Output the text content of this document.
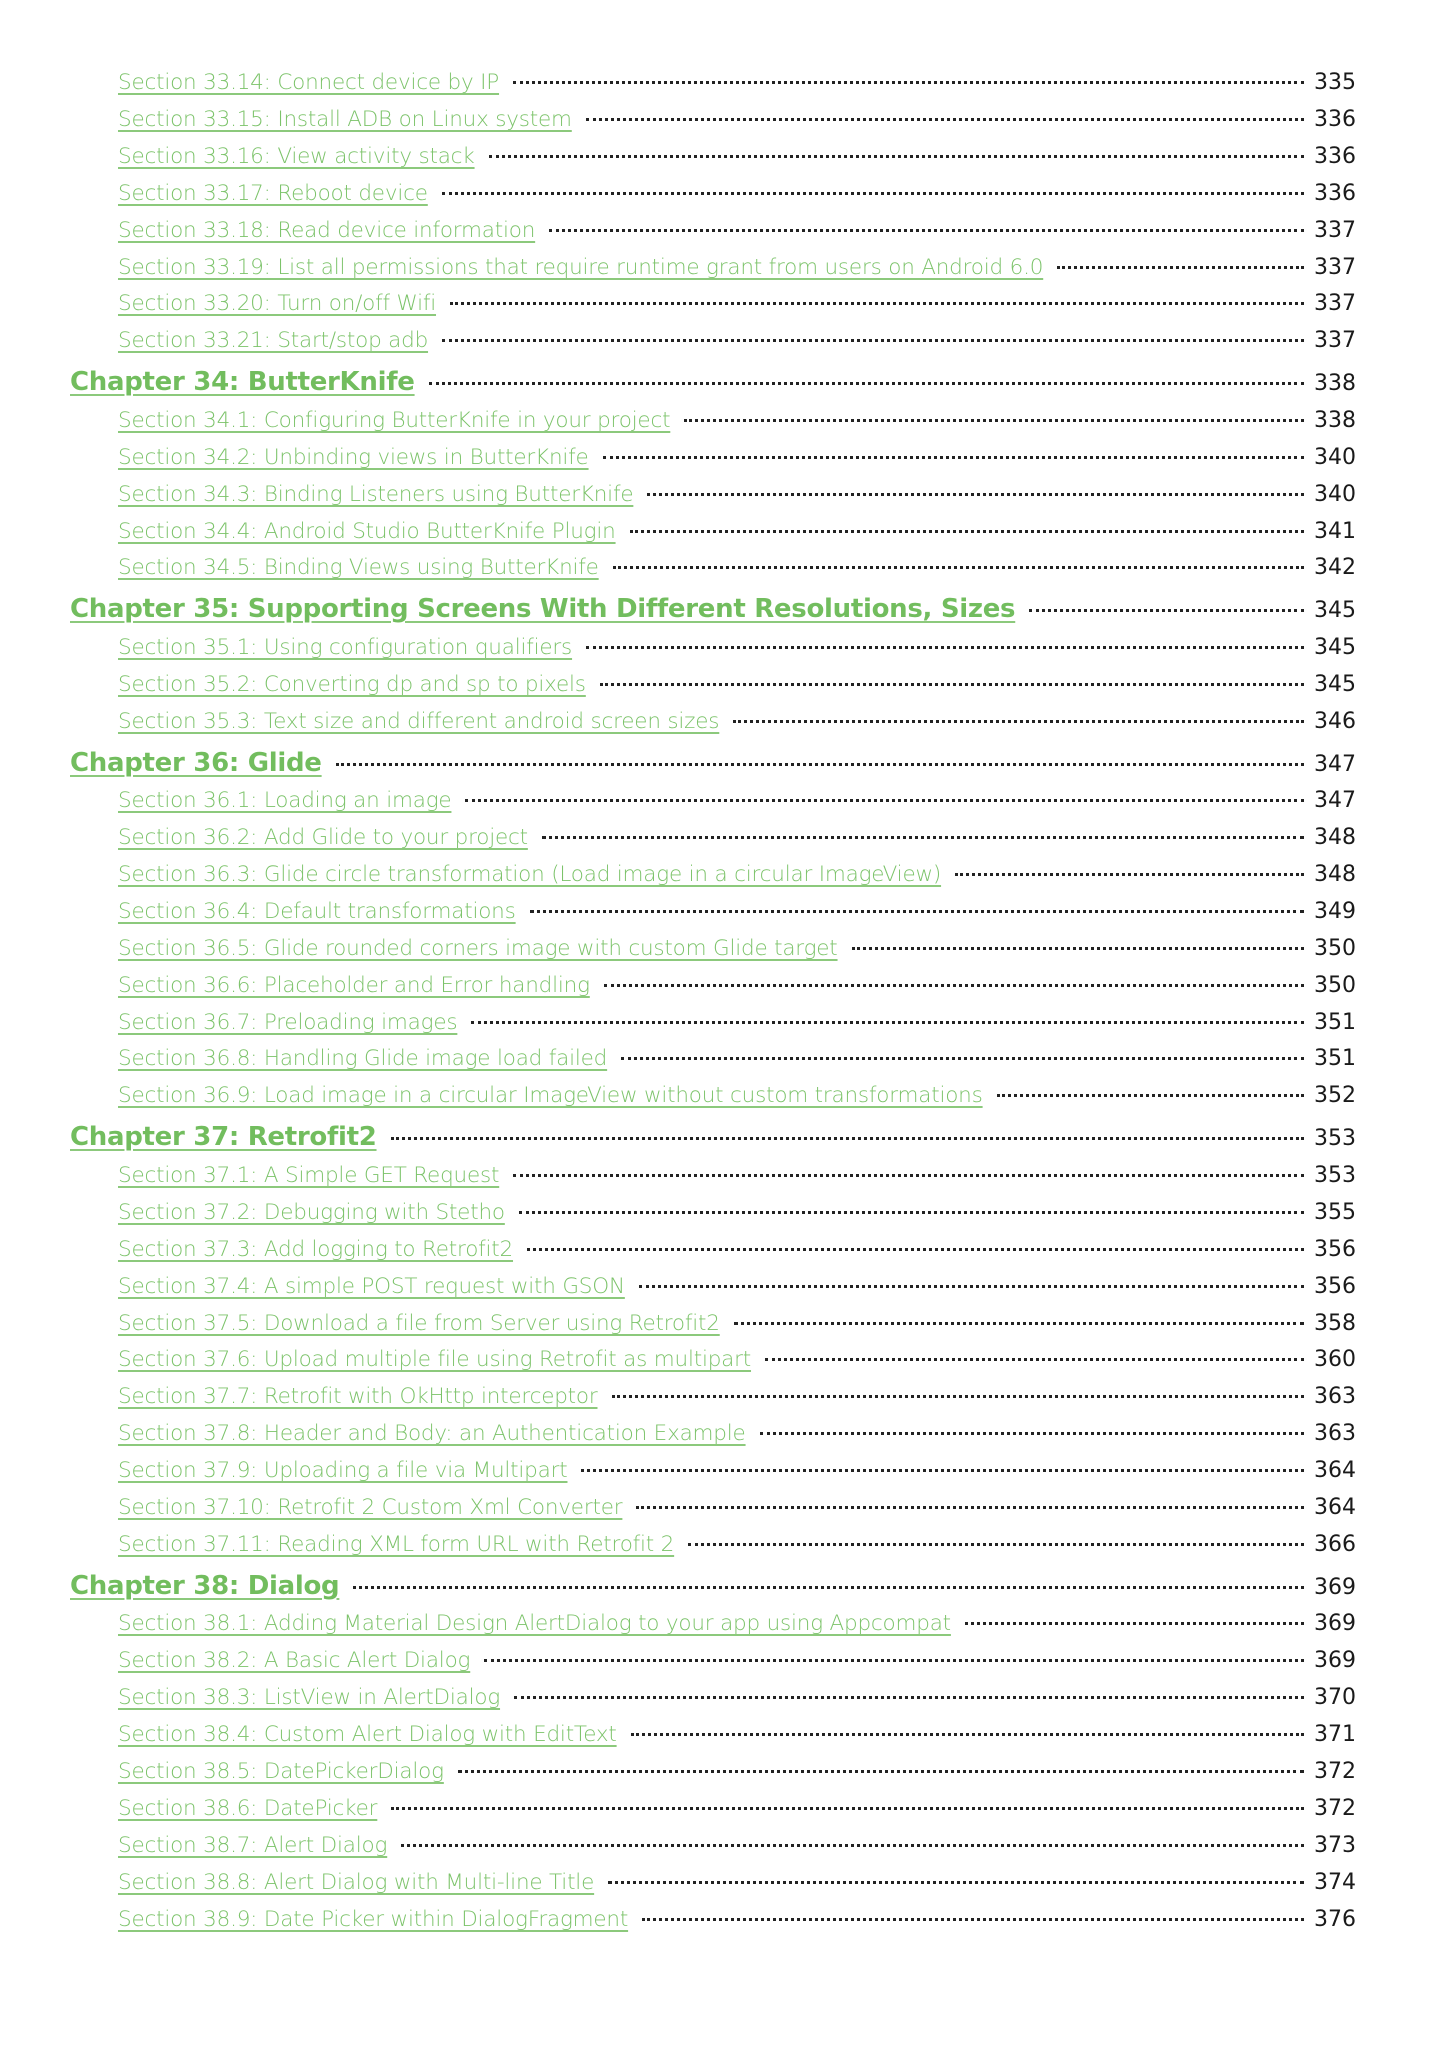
Section 33.14: Connect device by IP	335
Section 33.15: Install ADB on Linux system	336
Section 33.16: View activity stack	336
Section 33.17: Reboot device	336
Section 33.18: Read device information	337
Section 33.19: List all permissions that require runtime grant from users on Android 6.0	337
Section 33.20: Turn on/off Wifi	337
Section 33.21: Start/stop adb	337
Chapter 34: ButterKnife	338
Section 34.1: Configuring ButterKnife in your project	338
Section 34.2: Unbinding views in ButterKnife	340
Section 34.3: Binding Listeners using ButterKnife	340
Section 34.4: Android Studio ButterKnife Plugin	341
Section 34.5: Binding Views using ButterKnife	342
Chapter 35: Supporting Screens With Different Resolutions, Sizes	345
Section 35.1: Using configuration qualifiers	345
Section 35.2: Converting dp and sp to pixels	345
Section 35.3: Text size and different android screen sizes	346
Chapter 36: Glide	347
Section 36.1: Loading an image	347
Section 36.2: Add Glide to your project	348
Section 36.3: Glide circle transformation (Load image in a circular ImageView)	348
Section 36.4: Default transformations	349
Section 36.5: Glide rounded corners image with custom Glide target	350
Section 36.6: Placeholder and Error handling	350
Section 36.7: Preloading images	351
Section 36.8: Handling Glide image load failed	351
Section 36.9: Load image in a circular ImageView without custom transformations	352
Chapter 37: Retrofit2	353
Section 37.1: A Simple GET Request	353
Section 37.2: Debugging with Stetho	355
Section 37.3: Add logging to Retrofit2	356
Section 37.4: A simple POST request with GSON	356
Section 37.5: Download a file from Server using Retrofit2	358
Section 37.6: Upload multiple file using Retrofit as multipart	360
Section 37.7: Retrofit with OkHttp interceptor	363
Section 37.8: Header and Body: an Authentication Example	363
Section 37.9: Uploading a file via Multipart	364
Section 37.10: Retrofit 2 Custom Xml Converter	364
Section 37.11: Reading XML form URL with Retrofit 2	366
Chapter 38: Dialog	369
Section 38.1: Adding Material Design AlertDialog to your app using Appcompat	369
Section 38.2: A Basic Alert Dialog	369
Section 38.3: ListView in AlertDialog	370
Section 38.4: Custom Alert Dialog with EditText	371
Section 38.5: DatePickerDialog	372
Section 38.6: DatePicker	372
Section 38.7: Alert Dialog	373
Section 38.8: Alert Dialog with Multi-line Title	374
Section 38.9: Date Picker within DialogFragment	376
